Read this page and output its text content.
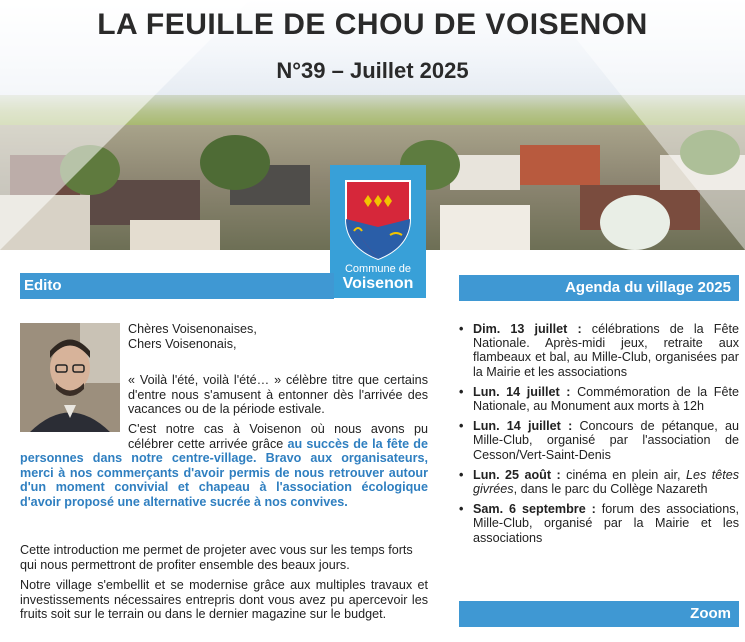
LA FEUILLE DE CHOU DE VOISENON
N°39 – Juillet 2025
Commune de
Voisenon
Edito
Chères Voisenonaises,
Chers Voisenonais,
« Voilà l'été, voilà l'été… » célèbre titre que certains d'entre nous s'amusent à entonner dès l'arrivée des vacances ou de la période estivale.
C'est notre cas à Voisenon où nous avons pu célébrer cette arrivée grâce au succès de la fête de
personnes dans notre centre-village. Bravo aux organisateurs, merci à nos commerçants d'avoir permis de nous retrouver autour d'un moment convivial et chapeau à l'association écologique d'avoir proposé une alternative sucrée à nos convives.
Cette introduction me permet de projeter avec vous sur les temps forts qui nous permettront de profiter ensemble des beaux jours.
Notre village s'embellit et se modernise grâce aux multiples travaux et investissements nécessaires entrepris dont vous avez pu apercevoir les fruits soit sur le terrain ou dans le dernier magazine sur le budget.
Agenda du village 2025
• Dim. 13 juillet : célébrations de la Fête Nationale. Après-midi jeux, retraite aux flambeaux et bal, au Mille-Club, organisées par la Mairie et les associations
• Lun. 14 juillet : Commémoration de la Fête Nationale, au Monument aux morts à 12h
• Lun. 14 juillet : Concours de pétanque, au Mille-Club, organisé par l'association de Cesson/Vert-Saint-Denis
• Lun. 25 août : cinéma en plein air, Les têtes givrées, dans le parc du Collège Nazareth
• Sam. 6 septembre : forum des associations, Mille-Club, organisé par la Mairie et les associations
Zoom
